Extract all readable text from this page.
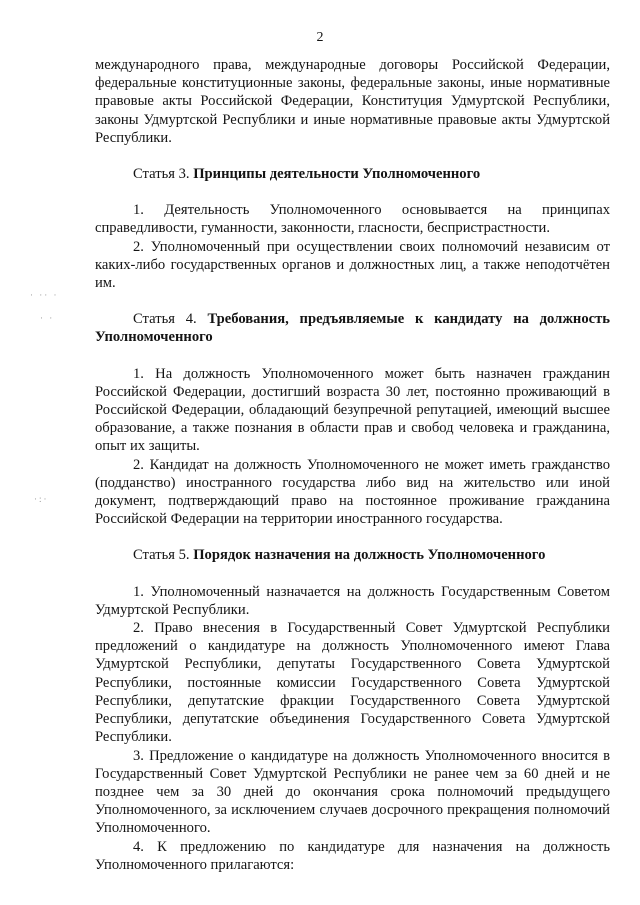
· ·· ·
· ·
·:·
2

международного права, международные договоры Российской Федерации, федеральные конституционные законы, федеральные законы, иные нормативные правовые акты Российской Федерации, Конституция Удмуртской Республики, законы Удмуртской Республики и иные нормативные правовые акты Удмуртской Республики.

Статья 3. Принципы деятельности Уполномоченного

1. Деятельность Уполномоченного основывается на принципах справедливости, гуманности, законности, гласности, беспристрастности.

2. Уполномоченный при осуществлении своих полномочий независим от каких-либо государственных органов и должностных лиц, а также неподотчётен им.

Статья 4. Требования, предъявляемые к кандидату на должность Уполномоченного

1. На должность Уполномоченного может быть назначен гражданин Российской Федерации, достигший возраста 30 лет, постоянно проживающий в Российской Федерации, обладающий безупречной репутацией, имеющий высшее образование, а также познания в области прав и свобод человека и гражданина, опыт их защиты.

2. Кандидат на должность Уполномоченного не может иметь гражданство (подданство) иностранного государства либо вид на жительство или иной документ, подтверждающий право на постоянное проживание гражданина Российской Федерации на территории иностранного государства.

Статья 5. Порядок назначения на должность Уполномоченного

1. Уполномоченный назначается на должность Государственным Советом Удмуртской Республики.

2. Право внесения в Государственный Совет Удмуртской Республики предложений о кандидатуре на должность Уполномоченного имеют Глава Удмуртской Республики, депутаты Государственного Совета Удмуртской Республики, постоянные комиссии Государственного Совета Удмуртской Республики, депутатские фракции Государственного Совета Удмуртской Республики, депутатские объединения Государственного Совета Удмуртской Республики.

3. Предложение о кандидатуре на должность Уполномоченного вносится в Государственный Совет Удмуртской Республики не ранее чем за 60 дней и не позднее чем за 30 дней до окончания срока полномочий предыдущего Уполномоченного, за исключением случаев досрочного прекращения полномочий Уполномоченного.

4. К предложению по кандидатуре для назначения на должность Уполномоченного прилагаются:
